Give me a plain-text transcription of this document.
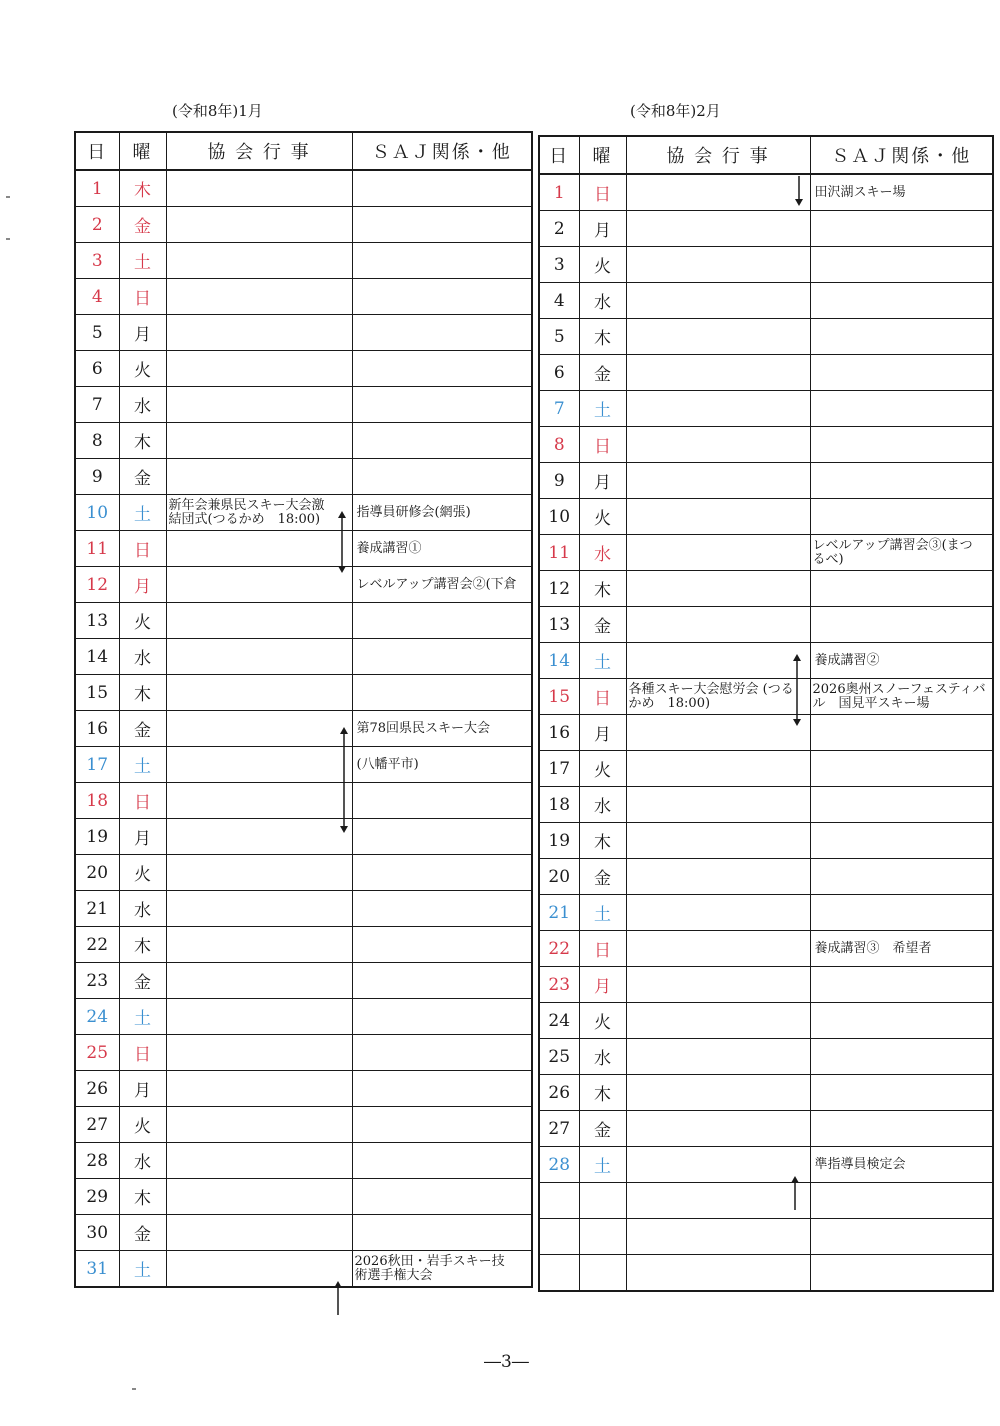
(令和8年)1月	(令和8年)2月
日	曜	協 会 行 事	ＳＡＪ関係・他
1	木		
2	金		
3	土		
4	日		
5	月		
6	火		
7	水		
8	木		
9	金		
10	土	新年会兼県民スキー大会激
結団式(つるかめ　18:00)	指導員研修会(網張)

11	日		養成講習①

12	月		レベルアップ講習会②(下倉

13	火		
14	水		
15	木		
16	金		第78回県民スキー大会

17	土		(八幡平市)

18	日		
19	月		
20	火		
21	水		
22	木		
23	金		
24	土		
25	日		
26	月		
27	火		
28	水		
29	木		
30	金		
31	土		2026秋田・岩手スキー技
術選手権大会
日	曜	協 会 行 事	ＳＡＪ関係・他
1	日		田沢湖スキー場

2	月		
3	火		
4	水		
5	木		
6	金		
7	土		
8	日		
9	月		
10	火		
11	水		レベルアップ講習会③(まつ
るべ)

12	木		
13	金		
14	土		養成講習②

15	日	各種スキー大会慰労会 (つる
かめ　18:00)	2026奥州スノーフェスティバ
ル　国見平スキー場

16	月		
17	火		
18	水		
19	木		
20	金		
21	土		
22	日		養成講習③　希望者

23	月		
24	火		
25	水		
26	木		
27	金		
28	土		準指導員検定会

―3―
